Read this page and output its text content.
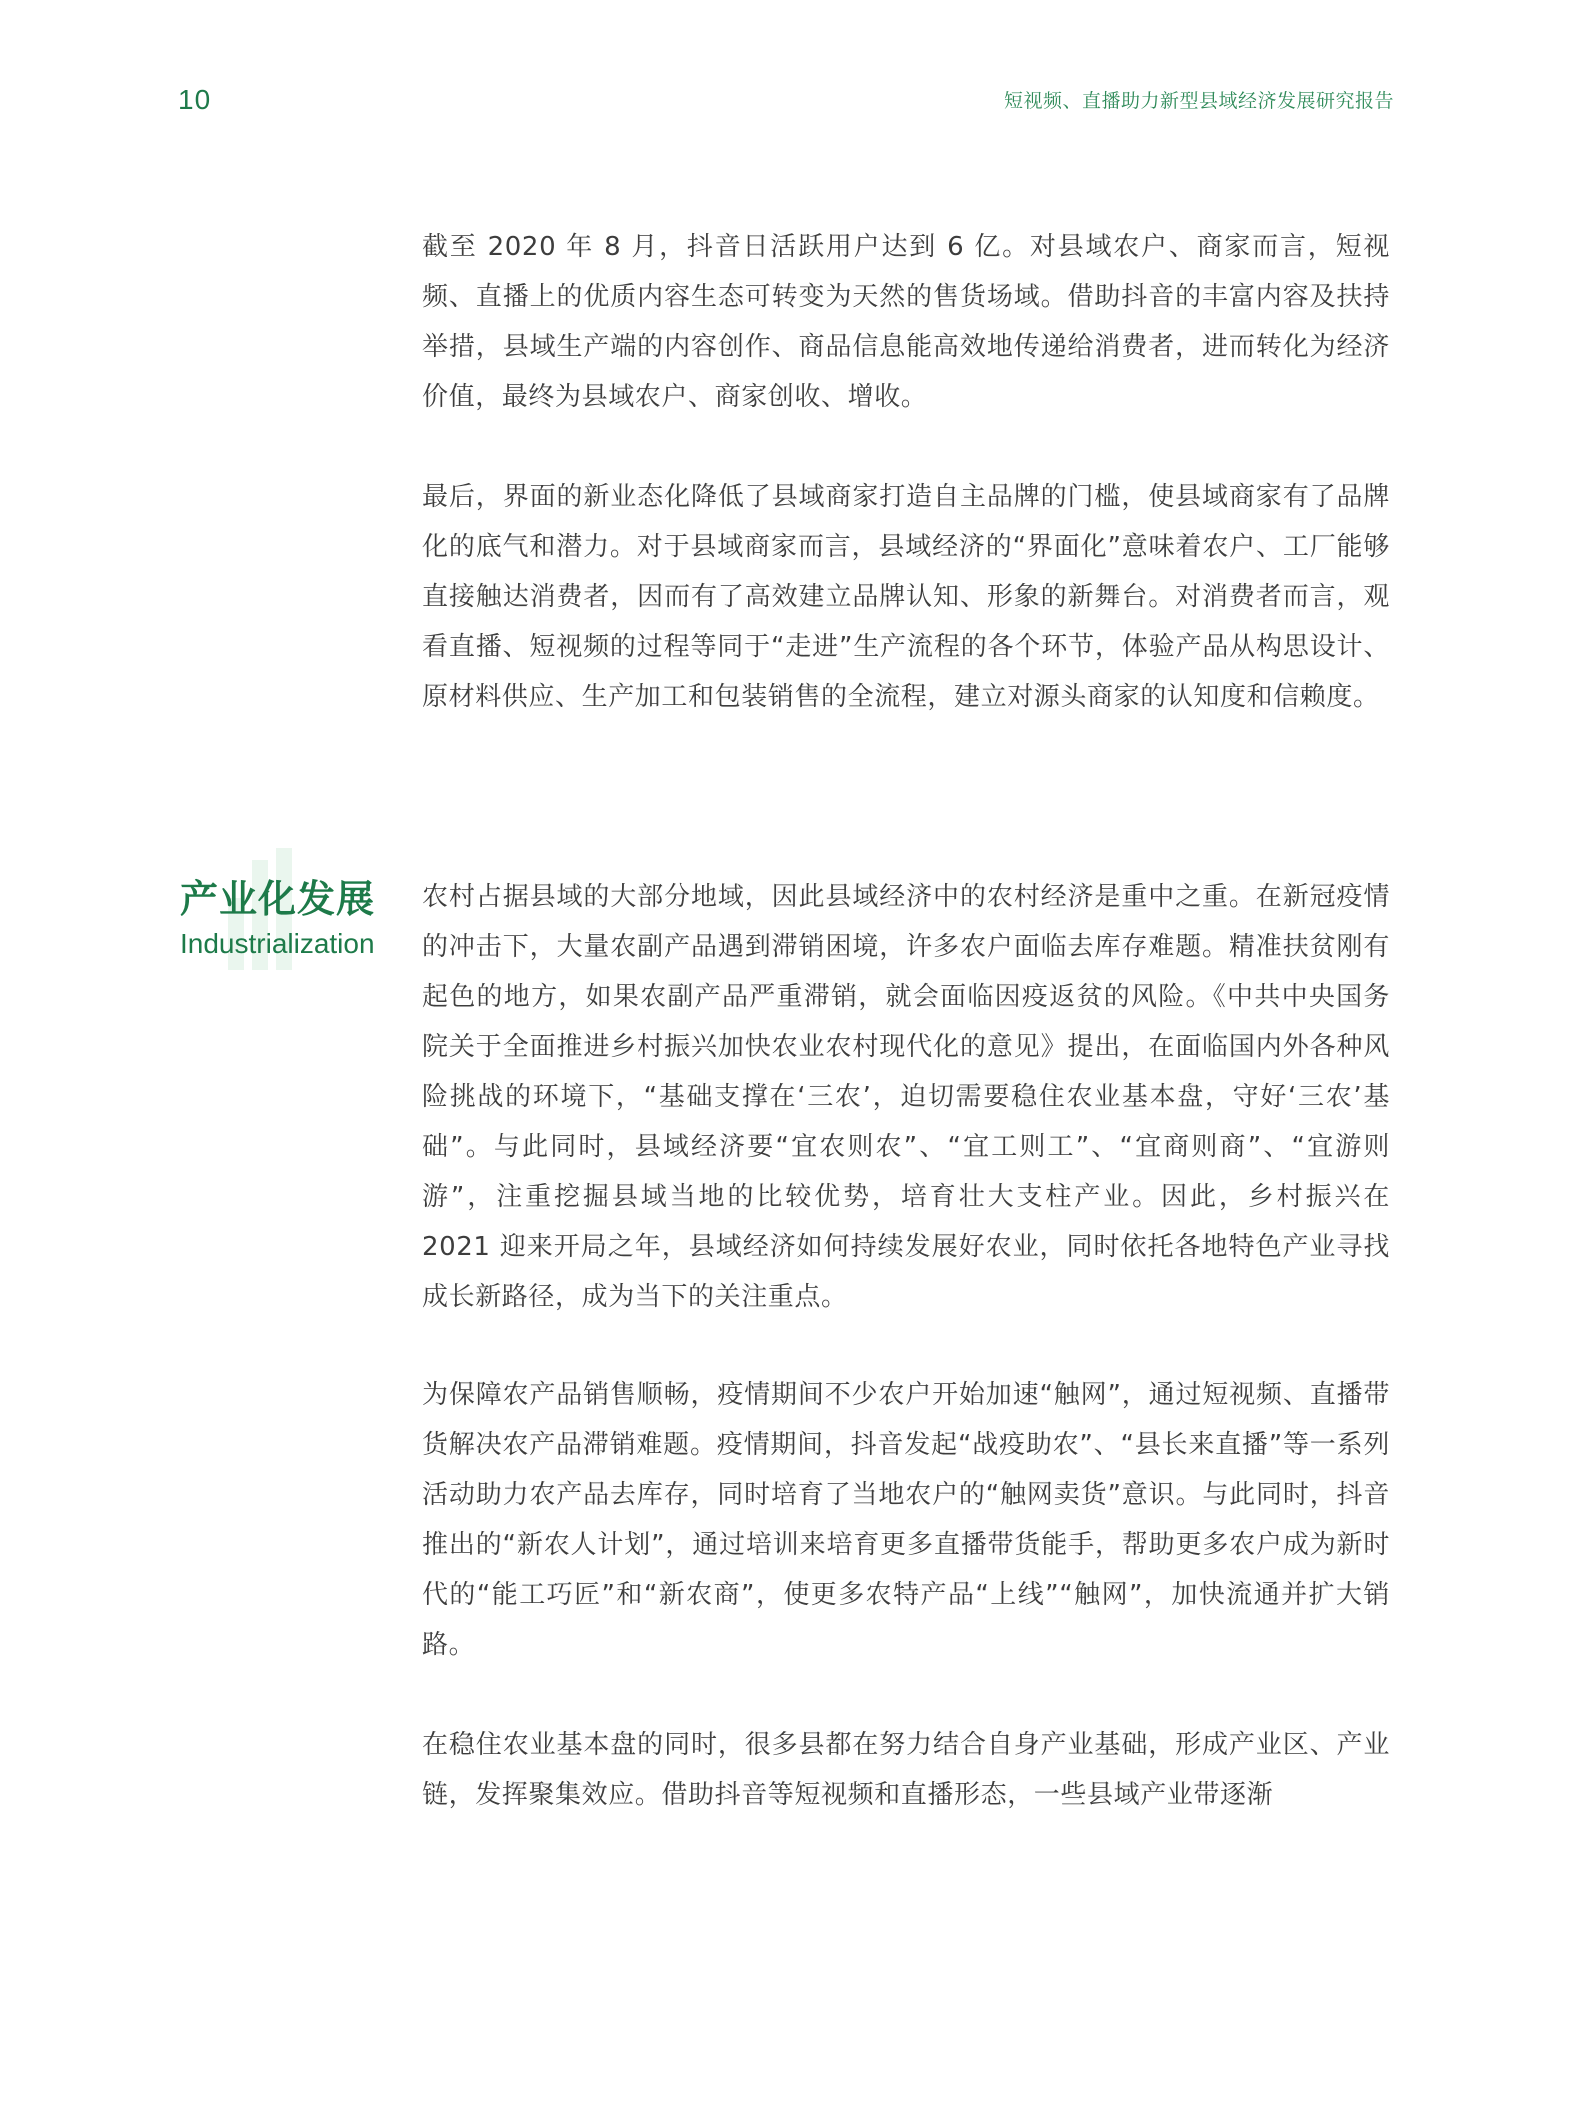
10	短视频、直播助力新型县域经济发展研究报告
产业化发展
Industrialization

截至 2020 年 8 月，抖音日活跃用户达到 6 亿。对县域农户、商家而言，短视频、直播上的优质内容生态可转变为天然的售货场域。借助抖音的丰富内容及扶持举措，县域生产端的内容创作、商品信息能高效地传递给消费者，进而转化为经济价值，最终为县域农户、商家创收、增收。

最后，界面的新业态化降低了县域商家打造自主品牌的门槛，使县域商家有了品牌化的底气和潜力。对于县域商家而言，县域经济的“界面化”意味着农户、工厂能够直接触达消费者，因而有了高效建立品牌认知、形象的新舞台。对消费者而言，观看直播、短视频的过程等同于“走进”生产流程的各个环节，体验产品从构思设计、原材料供应、生产加工和包装销售的全流程，建立对源头商家的认知度和信赖度。

农村占据县域的大部分地域，因此县域经济中的农村经济是重中之重。在新冠疫情的冲击下，大量农副产品遇到滞销困境，许多农户面临去库存难题。精准扶贫刚有起色的地方，如果农副产品严重滞销，就会面临因疫返贫的风险。《中共中央国务院关于全面推进乡村振兴加快农业农村现代化的意见》提出，在面临国内外各种风险挑战的环境下，“基础支撑在‘三农’，迫切需要稳住农业基本盘，守好‘三农’基础”。与此同时，县域经济要“宜农则农”、“宜工则工”、“宜商则商”、“宜游则游”，注重挖掘县域当地的比较优势，培育壮大支柱产业。因此，乡村振兴在 2021 迎来开局之年，县域经济如何持续发展好农业，同时依托各地特色产业寻找成长新路径，成为当下的关注重点。

为保障农产品销售顺畅，疫情期间不少农户开始加速“触网”，通过短视频、直播带货解决农产品滞销难题。疫情期间，抖音发起“战疫助农”、“县长来直播”等一系列活动助力农产品去库存，同时培育了当地农户的“触网卖货”意识。与此同时，抖音推出的“新农人计划”，通过培训来培育更多直播带货能手，帮助更多农户成为新时代的“能工巧匠”和“新农商”，使更多农特产品“上线”“触网”，加快流通并扩大销路。

在稳住农业基本盘的同时，很多县都在努力结合自身产业基础，形成产业区、产业链，发挥聚集效应。借助抖音等短视频和直播形态，一些县域产业带逐渐
